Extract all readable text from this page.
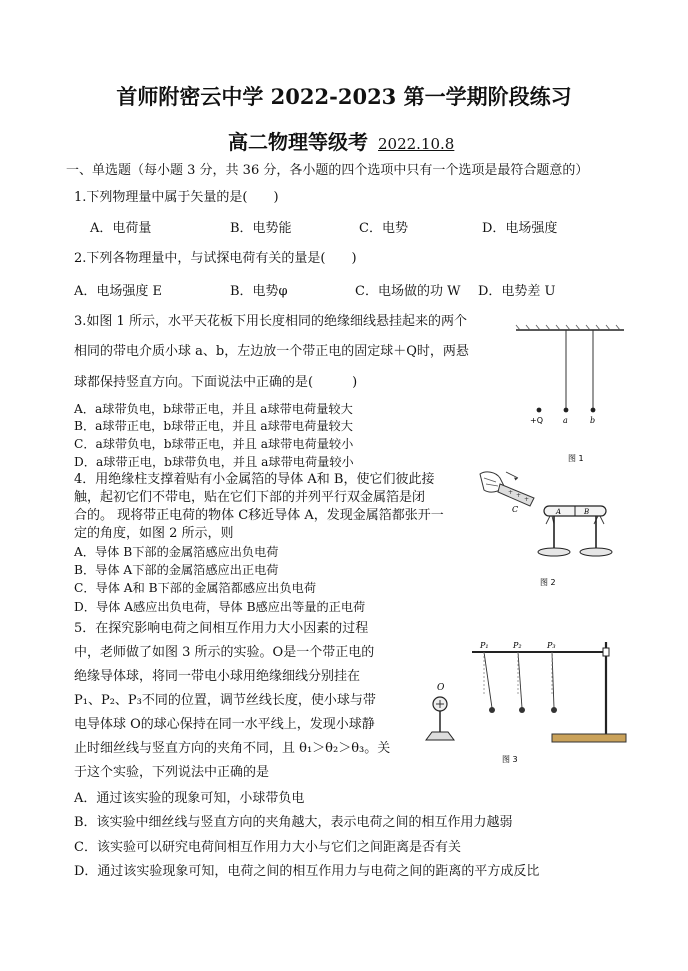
首师附密云中学 2022-2023 第一学期阶段练习
高二物理等级考 2022.10.8
一、单选题（每小题 3 分，共 36 分，各小题的四个选项中只有一个选项是最符合题意的）
1.下列物理量中属于矢量的是(　　)
A．电荷量	B．电势能	C．电势	D．电场强度
2.下列各物理量中，与试探电荷有关的量是(　　)
A．电场强度 E	B．电势φ	C．电场做的功 W D．电势差 U
3.如图 1 所示，水平天花板下用长度相同的绝缘细线悬挂起来的两个
相同的带电介质小球 a、b，左边放一个带正电的固定球＋Q时，两悬
球都保持竖直方向。下面说法中正确的是(　　　)
A．a球带负电，b球带正电，并且 a球带电荷量较大
B．a球带正电，b球带正电，并且 a球带电荷量较大
C．a球带负电，b球带正电，并且 a球带电荷量较小
D．a球带正电，b球带负电，并且 a球带电荷量较小
+Q	a	b
图 1
4．用绝缘柱支撑着贴有小金属箔的导体 A和 B，使它们彼此接
触，起初它们不带电，贴在它们下部的并列平行双金属箔是闭
合的。 现将带正电荷的物体 C移近导体 A，发现金属箔都张开一
定的角度，如图 2 所示，则
A．导体 B下部的金属箔感应出负电荷
B．导体 A下部的金属箔感应出正电荷
C．导体 A和 B下部的金属箔都感应出负电荷
D．导体 A感应出负电荷，导体 B感应出等量的正电荷
+ +
+
C	A	B
图 2
5．在探究影响电荷之间相互作用力大小因素的过程
中，老师做了如图 3 所示的实验。O是一个带正电的
绝缘导体球，将同一带电小球用绝缘细线分别挂在
P₁、P₂、P₃不同的位置，调节丝线长度，使小球与带
电导体球 O的球心保持在同一水平线上，发现小球静
止时细丝线与竖直方向的夹角不同，且 θ₁＞θ₂＞θ₃。关
于这个实验，下列说法中正确的是
A．通过该实验的现象可知，小球带负电
B．该实验中细丝线与竖直方向的夹角越大，表示电荷之间的相互作用力越弱
C．该实验可以研究电荷间相互作用力大小与它们之间距离是否有关
D．通过该实验现象可知，电荷之间的相互作用力与电荷之间的距离的平方成反比
P₁	P₂	P₃
O
图 3
